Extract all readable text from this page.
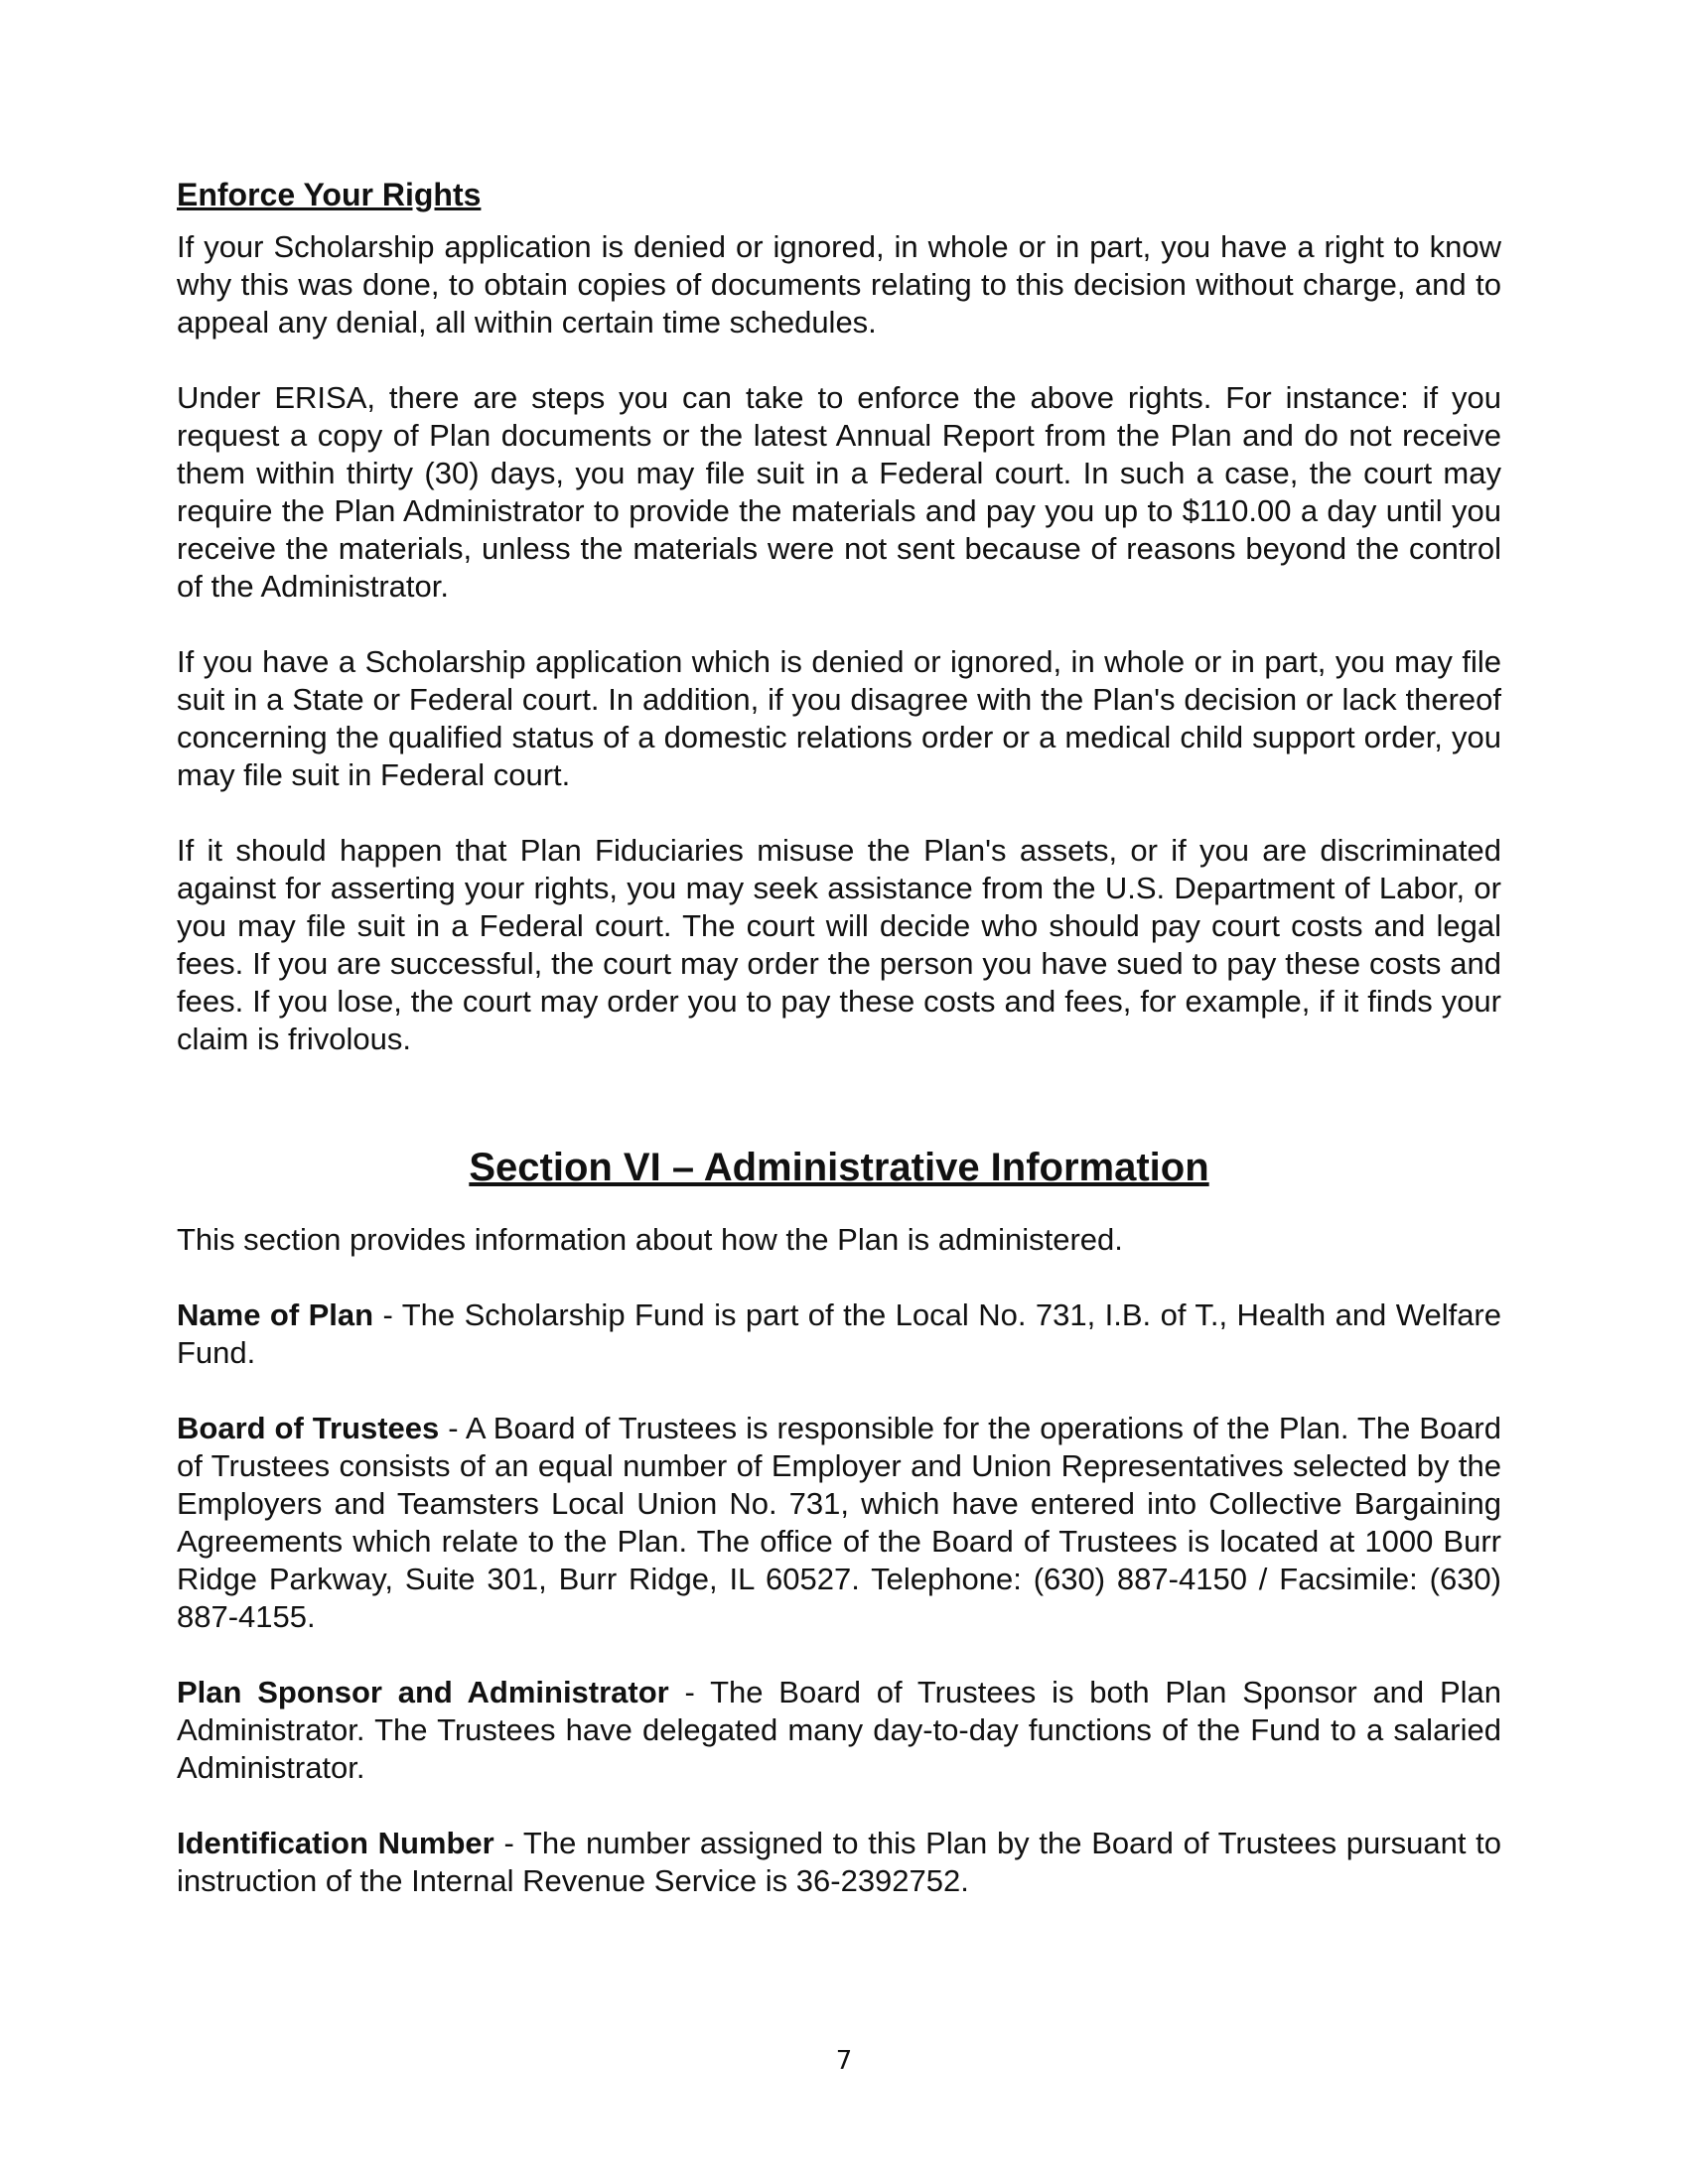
Enforce Your Rights

If your Scholarship application is denied or ignored, in whole or in part, you have a right to know why this was done, to obtain copies of documents relating to this decision without charge, and to appeal any denial, all within certain time schedules.

Under ERISA, there are steps you can take to enforce the above rights. For instance: if you request a copy of Plan documents or the latest Annual Report from the Plan and do not receive them within thirty (30) days, you may file suit in a Federal court. In such a case, the court may require the Plan Administrator to provide the materials and pay you up to $110.00 a day until you receive the materials, unless the materials were not sent because of reasons beyond the control of the Administrator.

If you have a Scholarship application which is denied or ignored, in whole or in part, you may file suit in a State or Federal court. In addition, if you disagree with the Plan's decision or lack thereof concerning the qualified status of a domestic relations order or a medical child support order, you may file suit in Federal court.

If it should happen that Plan Fiduciaries misuse the Plan's assets, or if you are discriminated against for asserting your rights, you may seek assistance from the U.S. Department of Labor, or you may file suit in a Federal court. The court will decide who should pay court costs and legal fees. If you are successful, the court may order the person you have sued to pay these costs and fees. If you lose, the court may order you to pay these costs and fees, for example, if it finds your claim is frivolous.

Section VI – Administrative Information

This section provides information about how the Plan is administered.

Name of Plan - The Scholarship Fund is part of the Local No. 731, I.B. of T., Health and Welfare Fund.

Board of Trustees - A Board of Trustees is responsible for the operations of the Plan. The Board of Trustees consists of an equal number of Employer and Union Representatives selected by the Employers and Teamsters Local Union No. 731, which have entered into Collective Bargaining Agreements which relate to the Plan. The office of the Board of Trustees is located at 1000 Burr Ridge Parkway, Suite 301, Burr Ridge, IL 60527. Telephone: (630) 887-4150 / Facsimile: (630) 887-4155.

Plan Sponsor and Administrator - The Board of Trustees is both Plan Sponsor and Plan Administrator. The Trustees have delegated many day-to-day functions of the Fund to a salaried Administrator.

Identification Number - The number assigned to this Plan by the Board of Trustees pursuant to instruction of the Internal Revenue Service is 36-2392752.

7
